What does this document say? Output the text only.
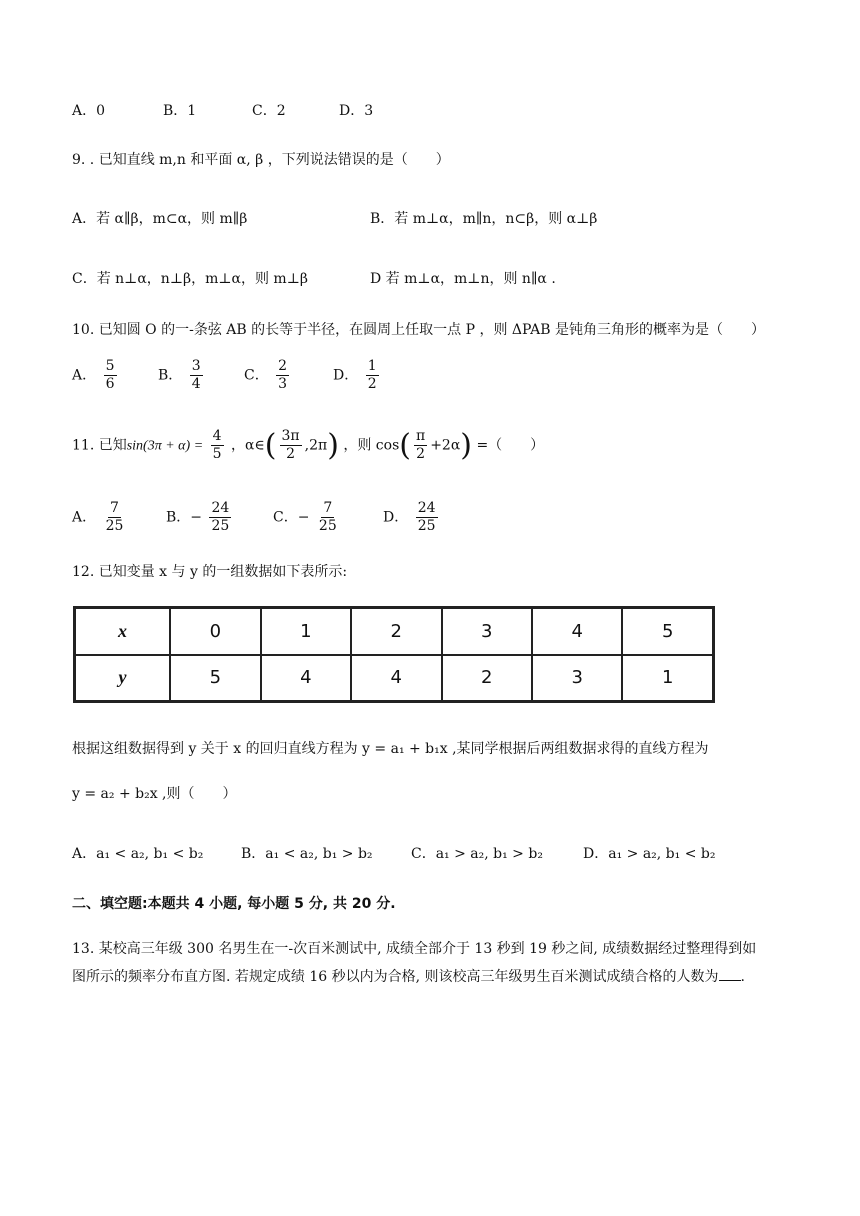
A．0	B．1	C．2	D．3
9. . 已知直线 m,n 和平面 α, β ，下列说法错误的是（　　）
A．若 α∥β，m⊂α，则 m∥β	B．若 m⊥α，m∥n，n⊂β，则 α⊥β
C．若 n⊥α，n⊥β，m⊥α，则 m⊥β	D 若 m⊥α，m⊥n，则 n∥α .
10. 已知圆 O 的一-条弦 AB 的长等于半径，在圆周上任取一点 P ，则 ΔPAB 是钝角三角形的概率为是（　　）
A． $\frac{5}{6}$	B． $\frac{3}{4}$	C． $\frac{2}{3}$	D． $\frac{1}{2}$
11. 已知$\sin(3\pi + \alpha) = \frac{4}{5}$ ，α∈( $\frac{3\pi}{2} ,2\pi$) ，则 $\cos( \frac{\pi}{2} +2\alpha)$ =（　　）
A． $\frac{7}{25}$	B．− $\frac{24}{25}$	C．− $\frac{7}{25}$	D． $\frac{24}{25}$
12. 已知变量 x 与 y 的一组数据如下表所示:
x	0	1	2	3	4	5
y	5	4	4	2	3	1
根据这组数据得到 y 关于 x 的回归直线方程为 y = a₁ + b₁x ,某同学根据后两组数据求得的直线方程为
y = a₂ + b₂x ,则（　　）
A．a₁ < a₂, b₁ < b₂	B．a₁ < a₂, b₁ > b₂	C．a₁ > a₂, b₁ > b₂	D．a₁ > a₂, b₁ < b₂
二、填空题:本题共 4 小题, 每小题 5 分, 共 20 分.
13. 某校高三年级 300 名男生在一-次百米测试中, 成绩全部介于 13 秒到 19 秒之间, 成绩数据经过整理得到如
图所示的频率分布直方图. 若规定成绩 16 秒以内为合格, 则该校高三年级男生百米测试成绩合格的人数为 .
